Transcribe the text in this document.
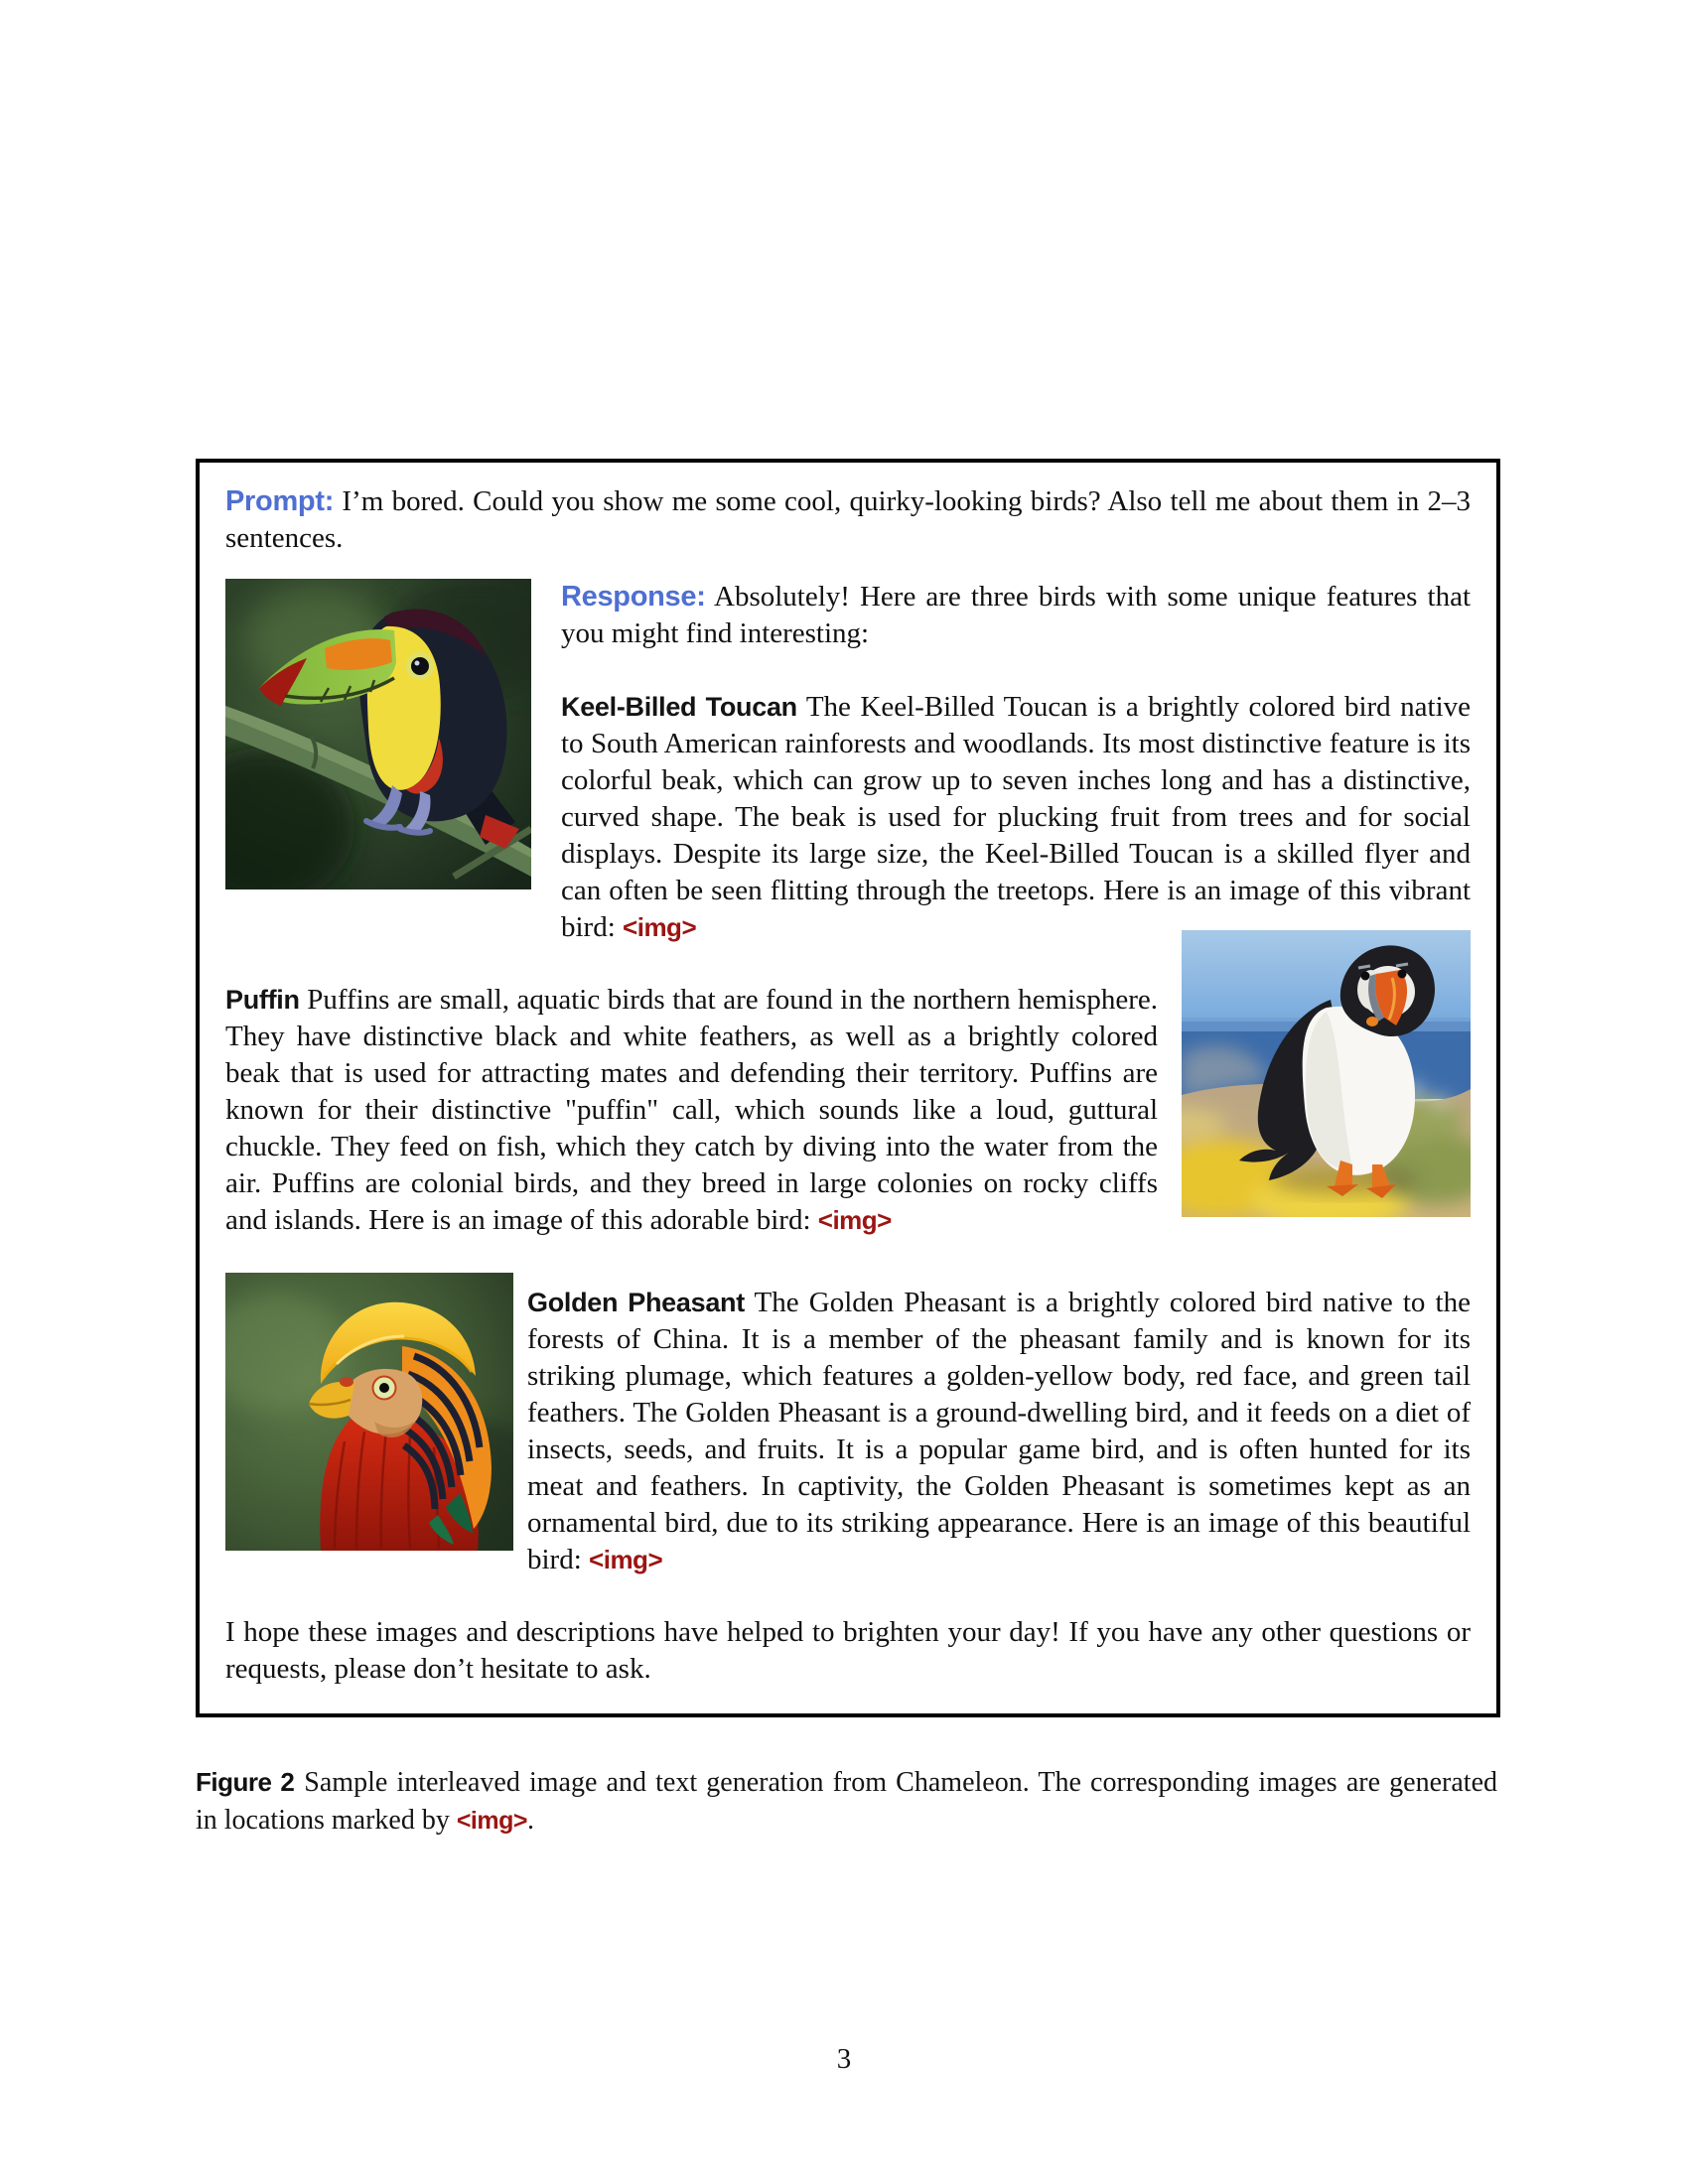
Prompt: I’m bored. Could you show me some cool, quirky-looking birds? Also tell me about them in 2–3 sentences.

Response: Absolutely! Here are three birds with some unique features that you might find interesting:

Keel-Billed Toucan The Keel-Billed Toucan is a brightly colored bird native to South American rainforests and woodlands. Its most distinctive feature is its colorful beak, which can grow up to seven inches long and has a distinctive, curved shape. The beak is used for plucking fruit from trees and for social displays. Despite its large size, the Keel-Billed Toucan is a skilled flyer and can often be seen flitting through the treetops. Here is an image of this vibrant bird: <img>

Puffin Puffins are small, aquatic birds that are found in the northern hemisphere. They have distinctive black and white feathers, as well as a brightly colored beak that is used for attracting mates and defending their territory. Puffins are known for their distinctive "puffin" call, which sounds like a loud, guttural chuckle. They feed on fish, which they catch by diving into the water from the air. Puffins are colonial birds, and they breed in large colonies on rocky cliffs and islands. Here is an image of this adorable bird: <img>

Golden Pheasant The Golden Pheasant is a brightly colored bird native to the forests of China. It is a member of the pheasant family and is known for its striking plumage, which features a golden-yellow body, red face, and green tail feathers. The Golden Pheasant is a ground-dwelling bird, and it feeds on a diet of insects, seeds, and fruits. It is a popular game bird, and is often hunted for its meat and feathers. In captivity, the Golden Pheasant is sometimes kept as an ornamental bird, due to its striking appearance. Here is an image of this beautiful bird: <img>

I hope these images and descriptions have helped to brighten your day! If you have any other questions or requests, please don’t hesitate to ask.

Figure 2 Sample interleaved image and text generation from Chameleon. The corresponding images are generated in locations marked by <img>.

3
